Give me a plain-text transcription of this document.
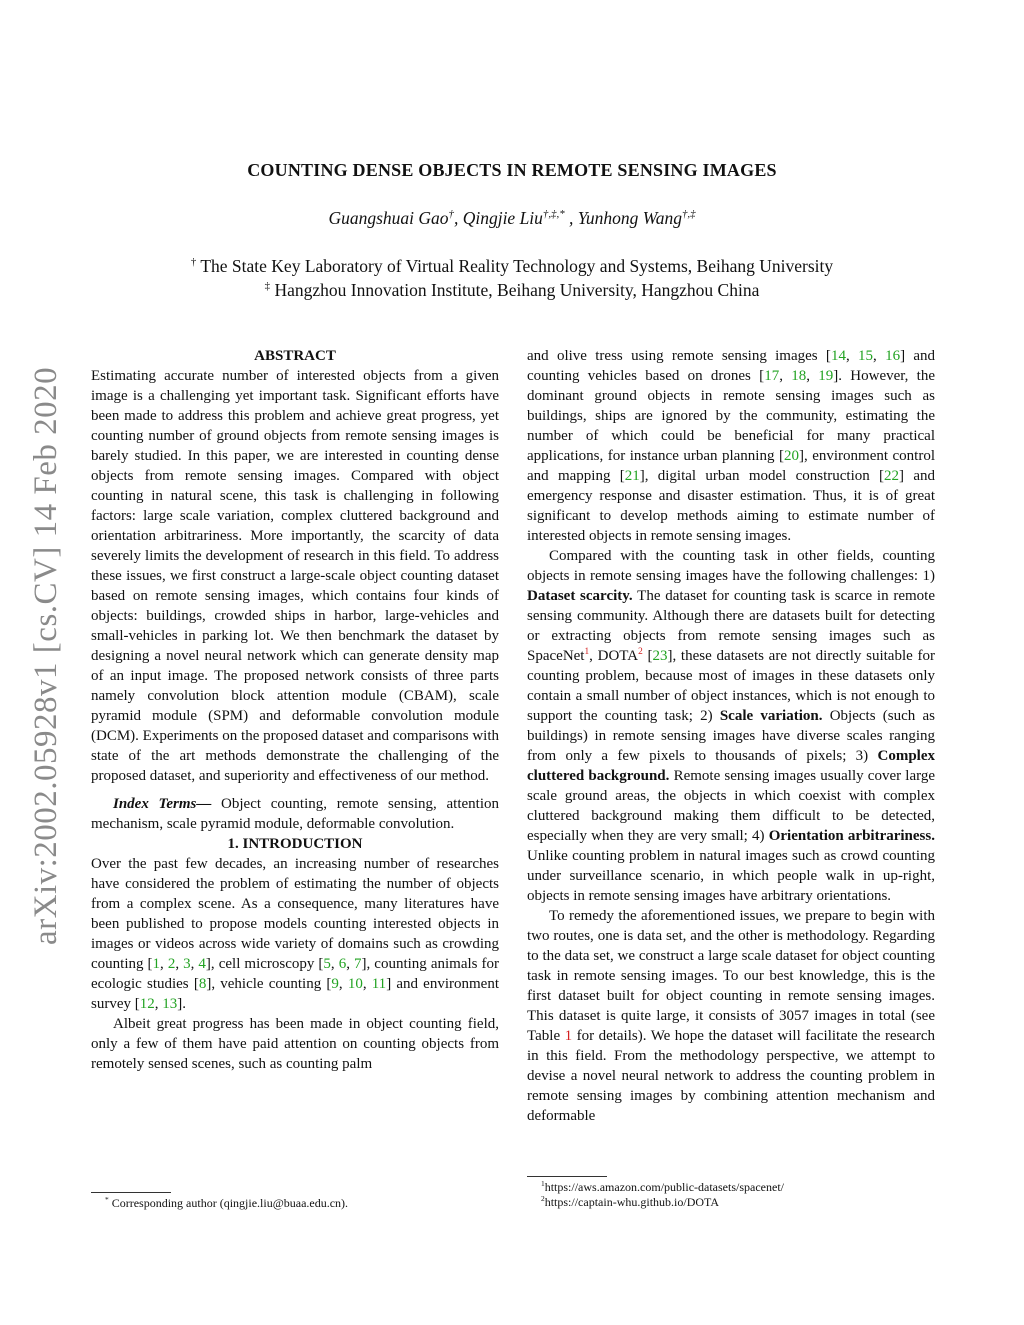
arXiv:2002.05928v1 [cs.CV] 14 Feb 2020
COUNTING DENSE OBJECTS IN REMOTE SENSING IMAGES
Guangshuai Gao†, Qingjie Liu†,‡,* , Yunhong Wang†,‡
† The State Key Laboratory of Virtual Reality Technology and Systems, Beihang University
‡ Hangzhou Innovation Institute, Beihang University, Hangzhou China

ABSTRACT

Estimating accurate number of interested objects from a given image is a challenging yet important task. Significant efforts have been made to address this problem and achieve great progress, yet counting number of ground objects from remote sensing images is barely studied. In this paper, we are interested in counting dense objects from remote sensing images. Compared with object counting in natural scene, this task is challenging in following factors: large scale variation, complex cluttered background and orientation arbitrariness. More importantly, the scarcity of data severely limits the development of research in this field. To address these issues, we first construct a large-scale object counting dataset based on remote sensing images, which contains four kinds of objects: buildings, crowded ships in harbor, large-vehicles and small-vehicles in parking lot. We then benchmark the dataset by designing a novel neural network which can generate density map of an input image. The proposed network consists of three parts namely convolution block attention module (CBAM), scale pyramid module (SPM) and deformable convolution module (DCM). Experiments on the proposed dataset and comparisons with state of the art methods demonstrate the challenging of the proposed dataset, and superiority and effectiveness of our method.

Index Terms— Object counting, remote sensing, attention mechanism, scale pyramid module, deformable convolution.

1. INTRODUCTION

Over the past few decades, an increasing number of researches have considered the problem of estimating the number of objects from a complex scene. As a consequence, many literatures have been published to propose models counting interested objects in images or videos across wide variety of domains such as crowding counting [1, 2, 3, 4], cell microscopy [5, 6, 7], counting animals for ecologic studies [8], vehicle counting [9, 10, 11] and environment survey [12, 13].

Albeit great progress has been made in object counting field, only a few of them have paid attention on counting objects from remotely sensed scenes, such as counting palm

and olive tress using remote sensing images [14, 15, 16] and counting vehicles based on drones [17, 18, 19]. However, the dominant ground objects in remote sensing images such as buildings, ships are ignored by the community, estimating the number of which could be beneficial for many practical applications, for instance urban planning [20], environment control and mapping [21], digital urban model construction [22] and emergency response and disaster estimation. Thus, it is of great significant to develop methods aiming to estimate number of interested objects in remote sensing images.

Compared with the counting task in other fields, counting objects in remote sensing images have the following challenges: 1) Dataset scarcity. The dataset for counting task is scarce in remote sensing community. Although there are datasets built for detecting or extracting objects from remote sensing images such as SpaceNet$^1$, DOTA$^2$ [23], these datasets are not directly suitable for counting problem, because most of images in these datasets only contain a small number of object instances, which is not enough to support the counting task; 2) Scale variation. Objects (such as buildings) in remote sensing images have diverse scales ranging from only a few pixels to thousands of pixels; 3) Complex cluttered background. Remote sensing images usually cover large scale ground areas, the objects in which coexist with complex cluttered background making them difficult to be detected, especially when they are very small; 4) Orientation arbitrariness. Unlike counting problem in natural images such as crowd counting under surveillance scenario, in which people walk in up-right, objects in remote sensing images have arbitrary orientations.

To remedy the aforementioned issues, we prepare to begin with two routes, one is data set, and the other is methodology. Regarding to the data set, we construct a large scale dataset for object counting task in remote sensing images. To our best knowledge, this is the first dataset built for object counting in remote sensing images. This dataset is quite large, it consists of 3057 images in total (see Table 1 for details). We hope the dataset will facilitate the research in this field. From the methodology perspective, we attempt to devise a novel neural network to address the counting problem in remote sensing images by combining attention mechanism and deformable

* Corresponding author (qingjie.liu@buaa.edu.cn).
$^1$https://aws.amazon.com/public-datasets/spacenet/
$^2$https://captain-whu.github.io/DOTA
